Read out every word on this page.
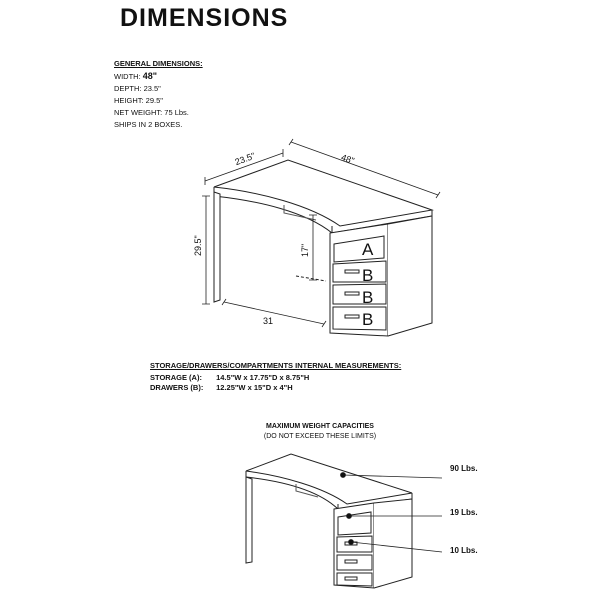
DIMENSIONS
GENERAL DIMENSIONS:
WIDTH: 48"
DEPTH: 23.5"
HEIGHT: 29.5"
NET WEIGHT: 75 Lbs.
SHIPS IN 2 BOXES.
23.5"	48"
29.5"	17"
31
A
B
B
B
90 Lbs.
19 Lbs.
10 Lbs.
STORAGE/DRAWERS/COMPARTMENTS INTERNAL MEASUREMENTS:
STORAGE (A): 14.5"W x 17.75"D x 8.75"H
DRAWERS (B): 12.25"W x 15"D x 4"H
MAXIMUM WEIGHT CAPACITIES
(DO NOT EXCEED THESE LIMITS)
